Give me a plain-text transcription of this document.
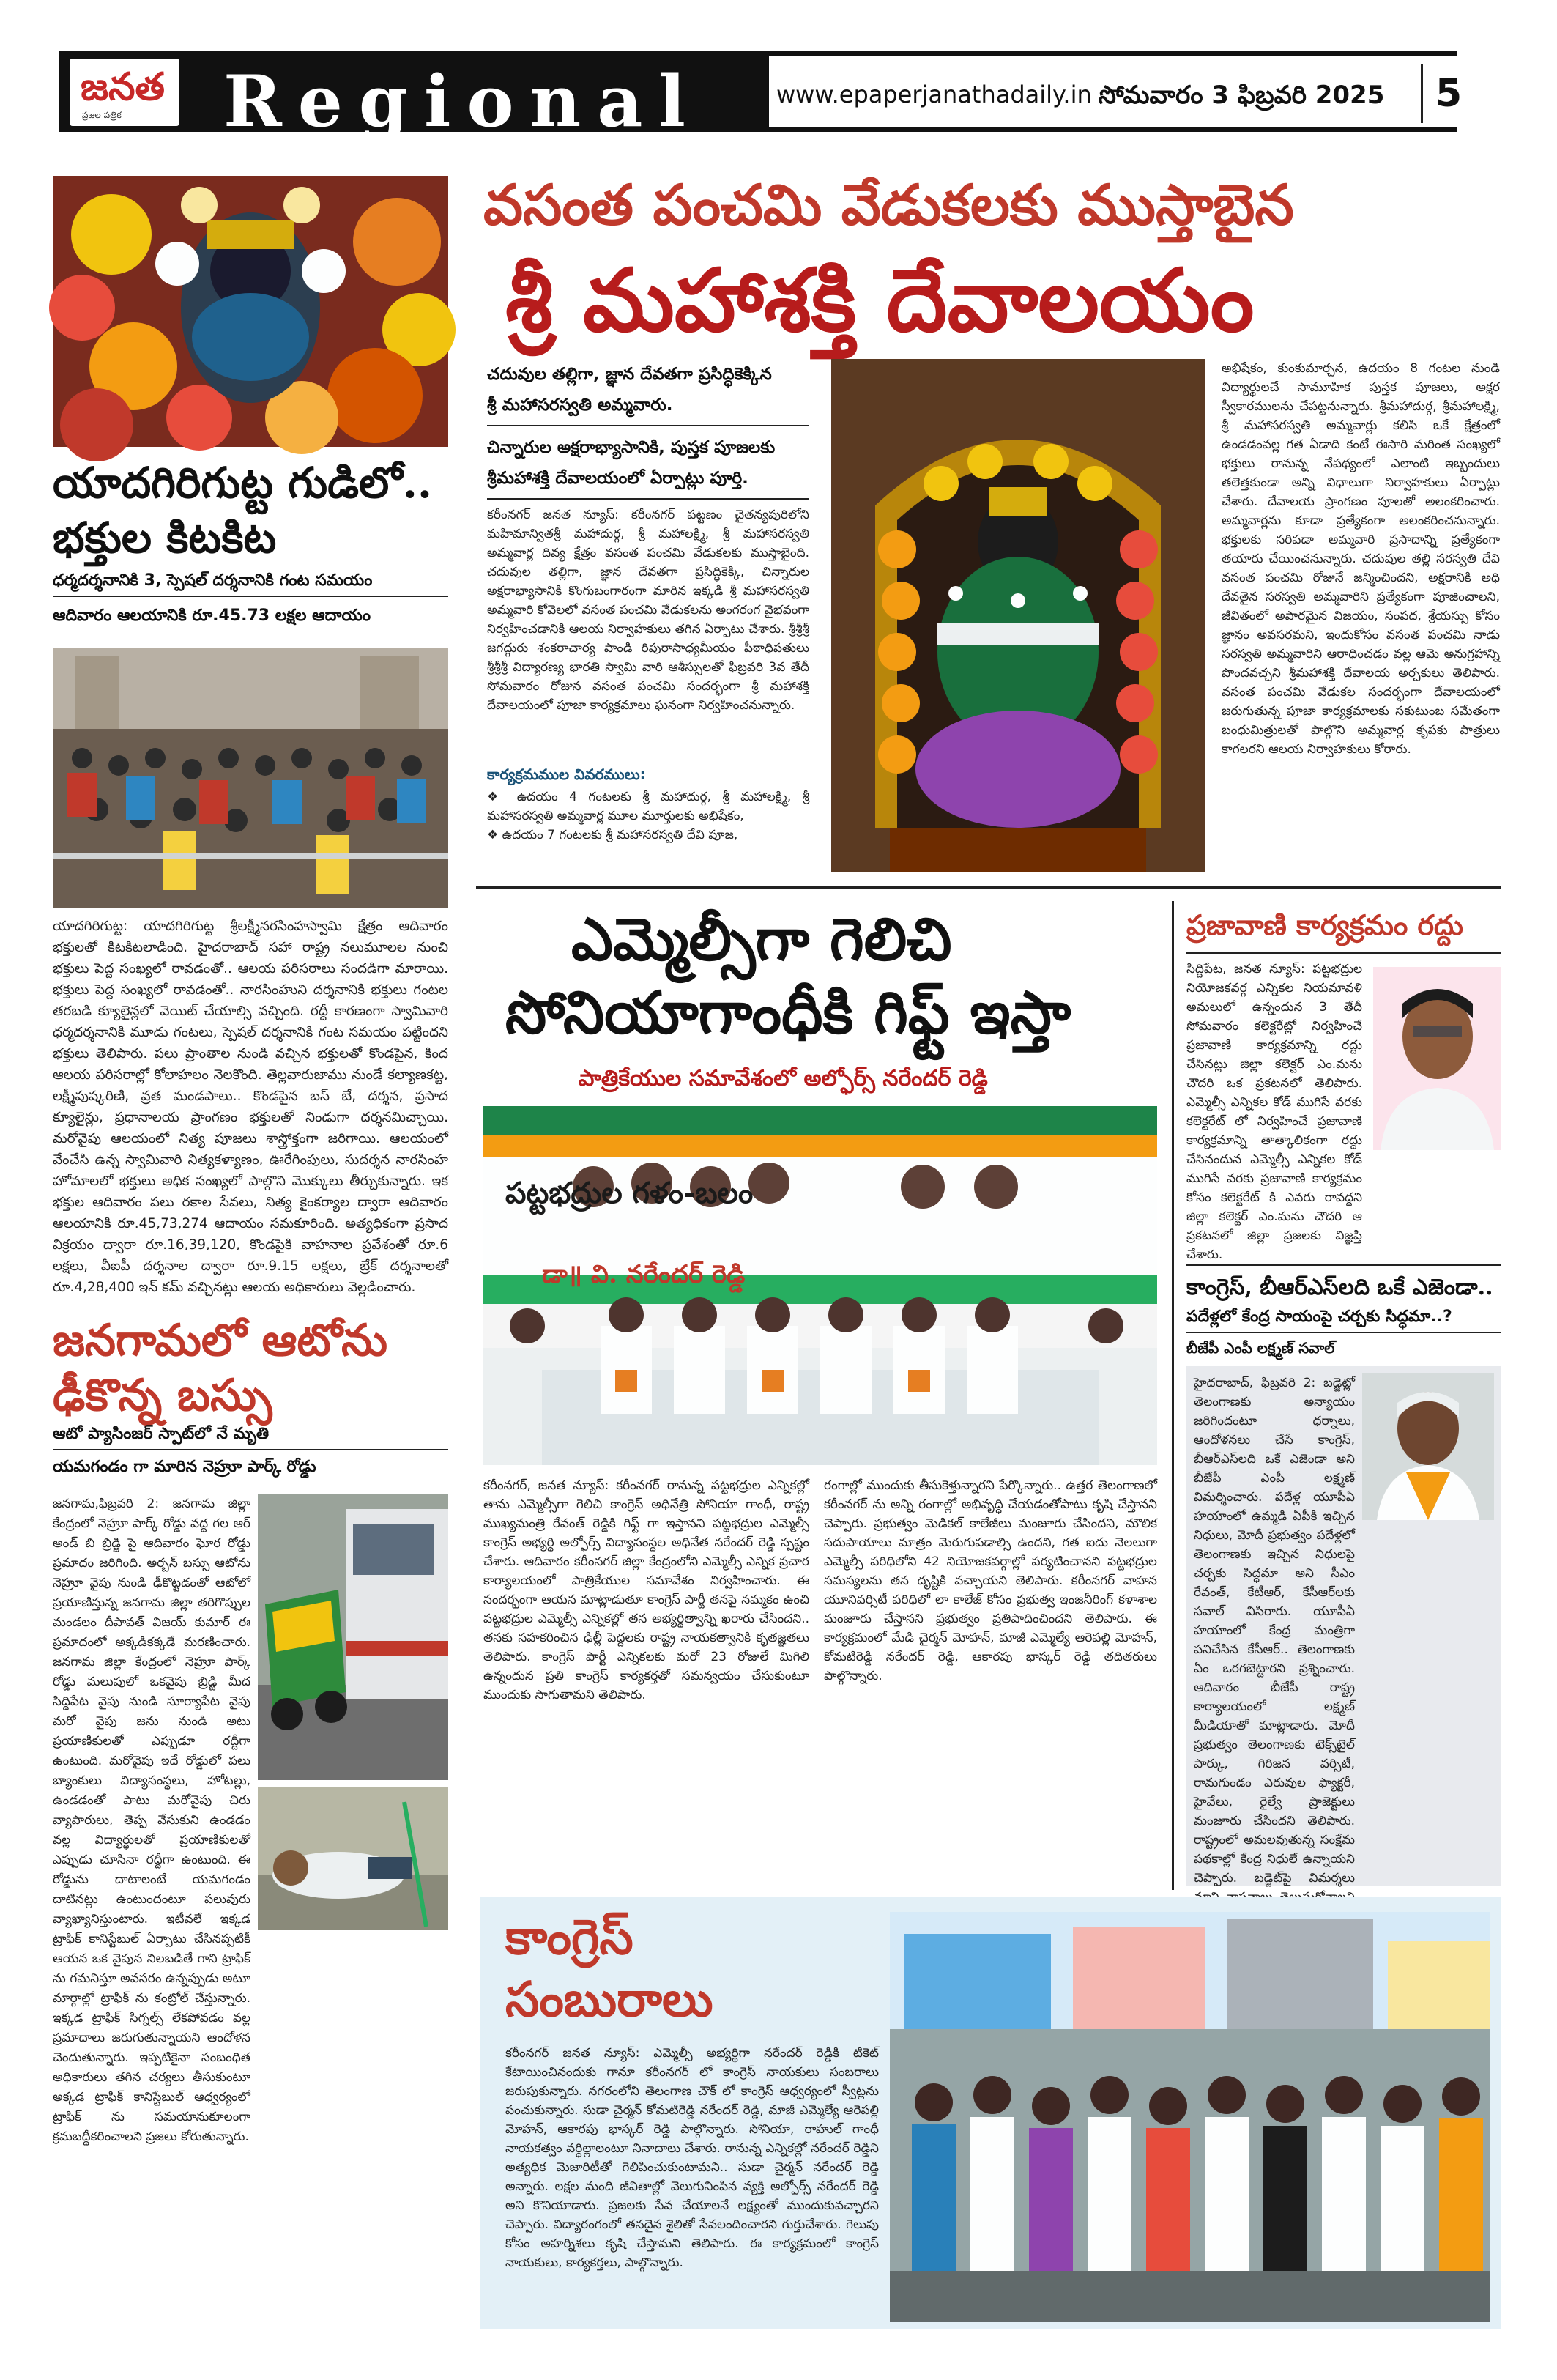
జనత
ప్రజల పత్రిక Regional	www.epaperjanathadaily.in సోమవారం 3 ఫిబ్రవరి 2025 5
యాదగిరిగుట్ట గుడిలో..
భక్తుల కిటకిట
ధర్మదర్శనానికి 3, స్పెషల్ దర్శనానికి గంట సమయం
ఆదివారం ఆలయానికి రూ.45.73 లక్షల ఆదాయం
యాదగిరిగుట్ట: యాదగిరిగుట్ట శ్రీలక్ష్మీనరసింహస్వామి క్షేత్రం ఆదివారం భక్తులతో కిటకిటలాడింది. హైదరాబాద్ సహా రాష్ట్ర నలుమూలల నుంచి భక్తులు పెద్ద సంఖ్యలో రావడంతో.. ఆలయ పరిసరాలు సందడిగా మారాయి. భక్తులు పెద్ద సంఖ్యలో రావడంతో.. నారసింహుని దర్శనానికి భక్తులు గంటల తరబడి క్యూలైన్లలో వెయిట్ చేయాల్సి వచ్చింది. రద్దీ కారణంగా స్వామివారి ధర్మదర్శనానికి మూడు గంటలు, స్పెషల్ దర్శనానికి గంట సమయం పట్టిందని భక్తులు తెలిపారు. పలు ప్రాంతాల నుండి వచ్చిన భక్తులతో కొండపైన, కింద ఆలయ పరిసరాల్లో కోలాహలం నెలకొంది. తెల్లవారుజాము నుండే కల్యాణకట్ట, లక్ష్మీపుష్కరిణి, వ్రత మండపాలు.. కొండపైన బస్ బే, దర్శన, ప్రసాద క్యూలైన్లు, ప్రధానాలయ ప్రాంగణం భక్తులతో నిండుగా దర్శనమిచ్చాయి. మరోవైపు ఆలయంలో నిత్య పూజలు శాస్త్రోక్తంగా జరిగాయి. ఆలయంలో వేంచేసి ఉన్న స్వామివారి నిత్యకళ్యాణం, ఊరేగింపులు, సుదర్శన నారసింహ హోమాలలో భక్తులు అధిక సంఖ్యలో పాల్గొని మొక్కులు తీర్చుకున్నారు. ఇక భక్తుల ఆదివారం పలు రకాల సేవలు, నిత్య కైంకర్యాల ద్వారా ఆదివారం ఆలయానికి రూ.45,73,274 ఆదాయం సమకూరింది. అత్యధికంగా ప్రసాద విక్రయం ద్వారా రూ.16,39,120, కొండపైకి వాహనాల ప్రవేశంతో రూ.6 లక్షలు, వీఐపీ దర్శనాల ద్వారా రూ.9.15 లక్షలు, బ్రేక్ దర్శనాలతో రూ.4,28,400 ఇన్ కమ్ వచ్చినట్లు ఆలయ అధికారులు వెల్లడించారు.
జనగామలో ఆటోను
ఢీకొన్న బస్సు
ఆటో ప్యాసింజర్ స్పాట్‌లో నే మృతి
యమగండం గా మారిన నెహ్రూ పార్క్ రోడ్డు
జనగామ,ఫిబ్రవరి 2: జనగామ జిల్లా కేంద్రంలో నెహ్రూ పార్క్ రోడ్డు వద్ద గల ఆర్ అండ్ బి బ్రిడ్జి పై ఆదివారం ఘోర రోడ్డు ప్రమాదం జరిగింది. అర్బన్ బస్సు ఆటోను నెహ్రూ వైపు నుండి ఢీకొట్టడంతో ఆటోలో ప్రయాణిస్తున్న జనగామ జిల్లా తరిగొప్పుల మండలం దీపావత్ విజయ్ కుమార్ ఈ ప్రమాదంలో అక్కడికక్కడే మరణించారు. జనగామ జిల్లా కేంద్రంలో నెహ్రూ పార్క్ రోడ్డు మలుపులో ఒకవైపు బ్రిడ్జి మీద సిద్దిపేట వైపు నుండి సూర్యాపేట వైపు మరో వైపు జను నుండి అటు ప్రయాణికులతో ఎప్పుడూ రద్దీగా ఉంటుంది. మరోవైపు ఇదే రోడ్డులో పలు బ్యాంకులు విద్యాసంస్థలు, హోటల్లు, ఉండడంతో పాటు మరోవైపు చిరు వ్యాపారులు, తెప్ప వేసుకుని ఉండడం వల్ల విద్యార్థులతో ప్రయాణికులతో ఎప్పుడు చూసినా రద్దీగా ఉంటుంది. ఈ రోడ్డును దాటాలంటే యమగండం దాటినట్లు ఉంటుందంటూ పలువురు వ్యాఖ్యానిస్తుంటారు. ఇటీవలే ఇక్కడ ట్రాఫిక్ కానిస్టేబుల్ ఏర్పాటు చేసినప్పటికీ ఆయన ఒక వైపున నిలబడితే గాని ట్రాఫిక్ ను గమనిస్తూ అవసరం ఉన్నప్పుడు అటూ మార్గాల్లో ట్రాఫిక్ ను కంట్రోల్ చేస్తున్నారు. ఇక్కడ ట్రాఫిక్ సిగ్నల్స్ లేకపోవడం వల్ల ప్రమాదాలు జరుగుతున్నాయని ఆందోళన చెందుతున్నారు. ఇప్పటికైనా సంబంధిత అధికారులు తగిన చర్యలు తీసుకుంటూ అక్కడ ట్రాఫిక్ కానిస్టేబుల్ ఆధ్వర్యంలో ట్రాఫిక్ ను సమయానుకూలంగా క్రమబద్ధీకరించాలని ప్రజలు కోరుతున్నారు.
వసంత పంచమి వేడుకలకు ముస్తాబైన
శ్రీ మహాశక్తి దేవాలయం
చదువుల తల్లిగా, జ్ఞాన దేవతగా ప్రసిద్ధికెక్కిన
శ్రీ మహాసరస్వతి అమ్మవారు.
చిన్నారుల అక్షరాభ్యాసానికి, పుస్తక పూజలకు
శ్రీమహాశక్తి దేవాలయంలో ఏర్పాట్లు పూర్తి.
కరీంనగర్ జనత న్యూస్: కరీంనగర్ పట్టణం చైతన్యపురిలోని మహిమాన్వితశ్రీ మహాదుర్గ, శ్రీ మహాలక్ష్మి, శ్రీ మహాసరస్వతి అమ్మవార్ల దివ్య క్షేత్రం వసంత పంచమి వేడుకలకు ముస్తాబైంది. చదువుల తల్లిగా, జ్ఞాన దేవతగా ప్రసిద్ధికెక్కి, చిన్నారుల అక్షరాభ్యాసానికి కొంగుబంగారంగా మారిన ఇక్కడి శ్రీ మహాసరస్వతి అమ్మవారి కోవెలలో వసంత పంచమి వేడుకలను అంగరంగ వైభవంగా నిర్వహించడానికి ఆలయ నిర్వాహకులు తగిన ఏర్పాటు చేశారు. శ్రీశ్రీశ్రీ జగద్గురు శంకరాచార్య పాండి రిపురాసాధ్యమీయం పీఠాధిపతులు శ్రీశ్రీశ్రీ విద్యారణ్య భారతి స్వామి వారి ఆశీస్సులతో ఫిబ్రవరి 3వ తేదీ సోమవారం రోజున వసంత పంచమి సందర్భంగా శ్రీ మహాశక్తి దేవాలయంలో పూజా కార్యక్రమాలు ఘనంగా నిర్వహించనున్నారు.
కార్యక్రమముల వివరములు:
❖ ఉదయం 4 గంటలకు శ్రీ మహాదుర్గ, శ్రీ మహాలక్ష్మి, శ్రీ మహాసరస్వతి అమ్మవార్ల మూల మూర్తులకు అభిషేకం,
❖ ఉదయం 7 గంటలకు శ్రీ మహాసరస్వతి దేవి పూజ,
అభిషేకం, కుంకుమార్చన, ఉదయం 8 గంటల నుండి విద్యార్థులచే సామూహిక పుస్తక పూజలు, అక్షర స్వీకారములను చేపట్టనున్నారు. శ్రీమహాదుర్గ, శ్రీమహాలక్ష్మి, శ్రీ మహాసరస్వతి అమ్మవార్లు కలిసి ఒకే క్షేత్రంలో ఉండడంవల్ల గత ఏడాది కంటే ఈసారి మరింత సంఖ్యలో భక్తులు రానున్న నేపథ్యంలో ఎలాంటి ఇబ్బందులు తలెత్తకుండా అన్ని విధాలుగా నిర్వాహకులు ఏర్పాట్లు చేశారు. దేవాలయ ప్రాంగణం పూలతో అలంకరించారు. అమ్మవార్లను కూడా ప్రత్యేకంగా అలంకరించనున్నారు. భక్తులకు సరిపడా అమ్మవారి ప్రసాదాన్ని ప్రత్యేకంగా తయారు చేయించనున్నారు. చదువుల తల్లి సరస్వతి దేవి వసంత పంచమి రోజునే జన్మించిందని, అక్షరానికి అధి దేవతైన సరస్వతి అమ్మవారిని ప్రత్యేకంగా పూజించాలని, జీవితంలో అపారమైన విజయం, సంపద, శ్రేయస్సు కోసం జ్ఞానం అవసరమని, ఇందుకోసం వసంత పంచమి నాడు సరస్వతి అమ్మవారిని ఆరాధించడం వల్ల ఆమె అనుగ్రహాన్ని పొందవచ్చని శ్రీమహాశక్తి దేవాలయ అర్చకులు తెలిపారు. వసంత పంచమి వేడుకల సందర్భంగా దేవాలయంలో జరుగుతున్న పూజా కార్యక్రమాలకు సకుటుంబ సమేతంగా బంధుమిత్రులతో పాల్గొని అమ్మవార్ల కృపకు పాత్రులు కాగలరని ఆలయ నిర్వాహకులు కోరారు.
ఎమ్మెల్సీగా గెలిచి
సోనియాగాంధీకి గిఫ్ట్ ఇస్తా
పాత్రికేయుల సమావేశంలో అల్ఫోర్స్ నరేందర్ రెడ్డి
పట్టభద్రుల గళం-బలం
డా॥ వి. నరేందర్ రెడ్డి
కరీంనగర్, జనత న్యూస్: కరీంనగర్ రానున్న పట్టభద్రుల ఎన్నికల్లో తాను ఎమ్మెల్సీగా గెలిచి కాంగ్రెస్ అధినేత్రి సోనియా గాంధీ, రాష్ట్ర ముఖ్యమంత్రి రేవంత్ రెడ్డికి గిఫ్ట్ గా ఇస్తానని పట్టభద్రుల ఎమ్మెల్సీ కాంగ్రెస్ అభ్యర్థి అల్ఫోర్స్ విద్యాసంస్థల అధినేత నరేందర్ రెడ్డి స్పష్టం చేశారు. ఆదివారం కరీంనగర్ జిల్లా కేంద్రంలోని ఎమ్మెల్సీ ఎన్నిక ప్రచార కార్యాలయంలో పాత్రికేయుల సమావేశం నిర్వహించారు. ఈ సందర్భంగా ఆయన మాట్లాడుతూ కాంగ్రెస్ పార్టీ తనపై నమ్మకం ఉంచి పట్టభద్రుల ఎమ్మెల్సీ ఎన్నికల్లో తన అభ్యర్థిత్వాన్ని ఖరారు చేసిందని.. తనకు సహకరించిన ఢిల్లీ పెద్దలకు రాష్ట్ర నాయకత్వానికి కృతజ్ఞతలు తెలిపారు. కాంగ్రెస్ పార్టీ ఎన్నికలకు మరో 23 రోజులే మిగిలి ఉన్నందున ప్రతి కాంగ్రెస్ కార్యకర్తతో సమన్వయం చేసుకుంటూ ముందుకు సాగుతామని తెలిపారు.
రంగాల్లో ముందుకు తీసుకెళ్తున్నారని పేర్కొన్నారు.. ఉత్తర తెలంగాణలో కరీంనగర్ ను అన్ని రంగాల్లో అభివృద్ధి చేయడంతోపాటు కృషి చేస్తానని చెప్పారు. ప్రభుత్వం మెడికల్ కాలేజీలు మంజూరు చేసిందని, మౌలిక సదుపాయాలు మాత్రం మెరుగుపడాల్సి ఉందని, గత ఐదు నెలలుగా ఎమ్మెల్సీ పరిధిలోని 42 నియోజకవర్గాల్లో పర్యటించానని పట్టభద్రుల సమస్యలను తన దృష్టికి వచ్చాయని తెలిపారు. కరీంనగర్ వాహన యూనివర్సిటీ పరిధిలో లా కాలేజ్ కోసం ప్రభుత్వ ఇంజనీరింగ్ కళాశాల మంజూరు చేస్తానని ప్రభుత్వం ప్రతిపాదించిందని తెలిపారు. ఈ కార్యక్రమంలో మేడి చైర్మన్ మోహన్, మాజీ ఎమ్మెల్యే ఆరెపల్లి మోహన్, కోమటిరెడ్డి నరేందర్ రెడ్డి, ఆకారపు భాస్కర్ రెడ్డి తదితరులు పాల్గొన్నారు.
ప్రజావాణి కార్యక్రమం రద్దు
సిద్దిపేట, జనత న్యూస్: పట్టభద్రుల నియోజకవర్గ ఎన్నికల నియమావళి అమలులో ఉన్నందున 3 తేదీ సోమవారం కలెక్టరేట్లో నిర్వహించే ప్రజావాణి కార్యక్రమాన్ని రద్దు చేసినట్లు జిల్లా కలెక్టర్ ఎం.మను చౌదరి ఒక ప్రకటనలో తెలిపారు. ఎమ్మెల్సీ ఎన్నికల కోడ్ ముగిసే వరకు కలెక్టరేట్ లో నిర్వహించే ప్రజావాణి కార్యక్రమాన్ని తాత్కాలికంగా రద్దు చేసినందున ఎమ్మెల్సీ ఎన్నికల కోడ్ ముగిసే వరకు ప్రజావాణి కార్యక్రమం కోసం కలెక్టరేట్ కి ఎవరు రావద్దని జిల్లా కలెక్టర్ ఎం.మను చౌదరి ఆ ప్రకటనలో జిల్లా ప్రజలకు విజ్ఞప్తి చేశారు.
కాంగ్రెస్, బీఆర్ఎస్‌లది ఒకే ఎజెండా..
పదేళ్లలో కేంద్ర సాయంపై చర్చకు సిద్ధమా..?
బీజేపీ ఎంపీ లక్ష్మణ్ సవాల్
హైదరాబాద్, ఫిబ్రవరి 2: బడ్జెట్లో తెలంగాణకు అన్యాయం జరిగిందంటూ ధర్నాలు, ఆందోళనలు చేసే కాంగ్రెస్, బీఆర్ఎస్‌లది ఒకే ఎజెండా అని బీజేపీ ఎంపీ లక్ష్మణ్ విమర్శించారు. పదేళ్ల యూపీఏ హయాంలో ఉమ్మడి ఏపీకి ఇచ్చిన నిధులు, మోదీ ప్రభుత్వం పదేళ్లలో తెలంగాణకు ఇచ్చిన నిధులపై చర్చకు సిద్ధమా అని సీఎం రేవంత్, కేటీఆర్, కేసీఆర్‌లకు సవాల్ విసిరారు. యూపీఏ హయాంలో కేంద్ర మంత్రిగా పనిచేసిన కేసీఆర్.. తెలంగాణకు ఏం ఒరగబెట్టారని ప్రశ్నించారు. ఆదివారం బీజేపీ రాష్ట్ర కార్యాలయంలో లక్ష్మణ్ మీడియాతో మాట్లాడారు. మోదీ ప్రభుత్వం తెలంగాణకు టెక్స్‌టైల్ పార్కు, గిరిజన వర్సిటీ, రామగుండం ఎరువుల ఫ్యాక్టరీ, హైవేలు, రైల్వే ప్రాజెక్టులు మంజూరు చేసిందని తెలిపారు. రాష్ట్రంలో అమలవుతున్న సంక్షేమ పథకాల్లో కేంద్ర నిధులే ఉన్నాయని చెప్పారు. బడ్జెట్‌పై విమర్శలు
కాంగ్రెస్
సంబురాలు
కరీంనగర్ జనత న్యూస్: ఎమ్మెల్సీ అభ్యర్థిగా నరేందర్ రెడ్డికి టికెట్ కేటాయించినందుకు గానూ కరీంనగర్ లో కాంగ్రెస్ నాయకులు సంబరాలు జరుపుకున్నారు. నగరంలోని తెలంగాణ చౌక్ లో కాంగ్రెస్ ఆధ్వర్యంలో స్వీట్లను పంచుకున్నారు. సుడా చైర్మన్ కోమటిరెడ్డి నరేందర్ రెడ్డి, మాజీ ఎమ్మెల్యే ఆరెపల్లి మోహన్, ఆకారపు భాస్కర్ రెడ్డి పాల్గొన్నారు. సోనియా, రాహుల్ గాంధీ నాయకత్వం వర్ధిల్లాలంటూ నినాదాలు చేశారు. రానున్న ఎన్నికల్లో నరేందర్ రెడ్డిని అత్యధిక మెజారిటీతో గెలిపించుకుంటామని.. సుడా చైర్మన్ నరేందర్ రెడ్డి అన్నారు. లక్షల మంది జీవితాల్లో వెలుగునింపిన వ్యక్తి అల్ఫోర్స్ నరేందర్ రెడ్డి అని కొనియాడారు. ప్రజలకు సేవ చేయాలనే లక్ష్యంతో ముందుకువచ్చారని చెప్పారు. విద్యారంగంలో తనదైన శైలితో సేవలందించారని గుర్తుచేశారు. గెలుపు కోసం అహర్నిశలు కృషి చేస్తామని తెలిపారు. ఈ కార్యక్రమంలో కాంగ్రెస్ నాయకులు, కార్యకర్తలు, పాల్గొన్నారు.
